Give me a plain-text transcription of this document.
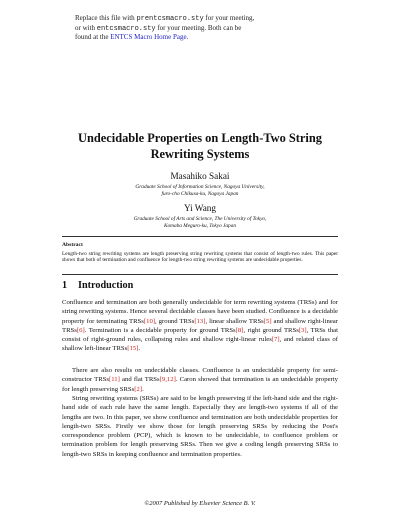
Replace this file with prentcsmacro.sty for your meeting,
or with entcsmacro.sty for your meeting. Both can be
found at the ENTCS Macro Home Page.
Undecidable Properties on Length-Two String
Rewriting Systems
Masahiko Sakai
Graduate School of Information Science, Nagoya University,
furo-cho Chikusa-ku, Nagoya Japan
Yi Wang
Graduate School of Arts and Science, The University of Tokyo,
Komaba Meguro-ku, Tokyo Japan
Abstract
Length-two string rewriting systems are length preserving string rewriting systems that consist of length-two rules. This paper shows that both of termination and confluence for length-two string rewriting systems are undecidable properties.
1 Introduction

Confluence and termination are both generally undecidable for term rewriting systems (TRSs) and for string rewriting systems. Hence several decidable classes have been studied. Confluence is a decidable property for terminating TRSs[10], ground TRSs[13], linear shallow TRSs[5] and shallow right-linear TRSs[6]. Termination is a decidable property for ground TRSs[8], right ground TRSs[3], TRSs that consist of right-ground rules, collapsing rules and shallow right-linear rules[7], and related class of shallow left-linear TRSs[15].

There are also results on undecidable classes. Confluence is an undecidable property for semi-constructor TRSs[11] and flat TRSs[9,12]. Caron showed that termination is an undecidable property for length preserving SRSs[2].

String rewriting systems (SRSs) are said to be length preserving if the left-hand side and the right-hand side of each rule have the same length. Especially they are length-two systems if all of the lengths are two. In this paper, we show confluence and termination are both undecidable properties for length-two SRSs. Firstly we show those for length preserving SRSs by reducing the Post's correspondence problem (PCP), which is known to be undecidable, to confluence problem or termination problem for length preserving SRSs. Then we give a coding length preserving SRSs to length-two SRSs in keeping confluence and termination properties.

©2007 Published by Elsevier Science B. V.
